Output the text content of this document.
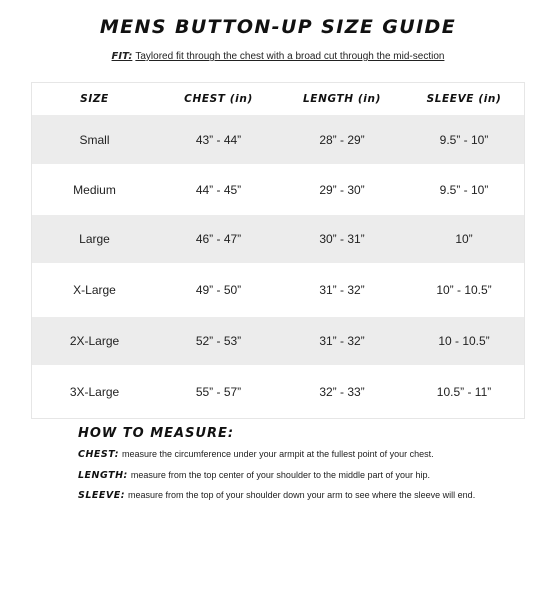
MENS BUTTON-UP SIZE GUIDE
FIT: Taylored fit through the chest with a broad cut through the mid-section
SIZE	CHEST (in)	LENGTH (in)	SLEEVE (in)
Small	43” - 44”	28” - 29”	9.5” - 10”
Medium	44” - 45”	29” - 30”	9.5” - 10”
Large	46” - 47”	30” - 31”	10”
X-Large	49” - 50”	31” - 32”	10” - 10.5”
2X-Large	52” - 53”	31” - 32”	10 - 10.5”
3X-Large	55” - 57”	32” - 33”	10.5” - 11”
HOW TO MEASURE:
CHEST: measure the circumference under your armpit at the fullest point of your chest.
LENGTH: measure from the top center of your shoulder to the middle part of your hip.
SLEEVE: measure from the top of your shoulder down your arm to see where the sleeve will end.
